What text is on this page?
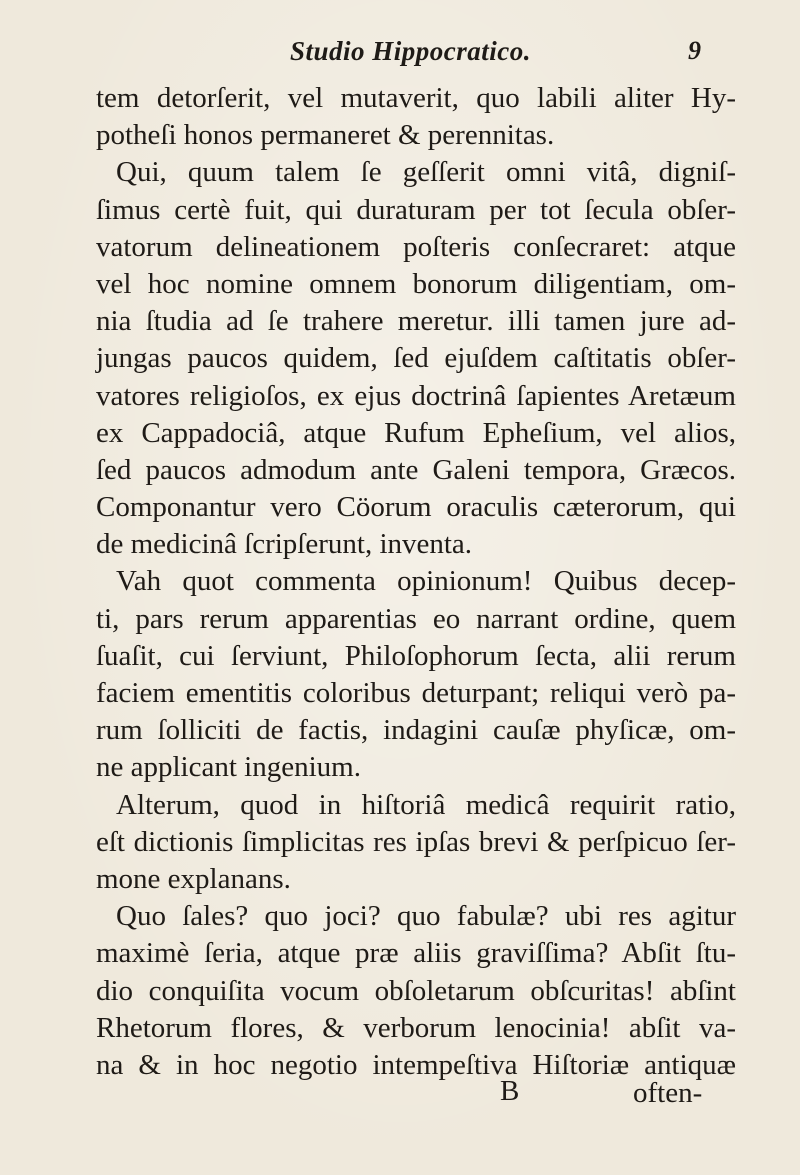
Studio Hippocratico.	9
tem detorſerit, vel mutaverit, quo labili aliter Hy-
potheſi honos permaneret & perennitas.
Qui, quum talem ſe geſſerit omni vitâ, digniſ-
ſimus certè fuit, qui duraturam per tot ſecula obſer-
vatorum delineationem poſteris conſecraret: atque
vel hoc nomine omnem bonorum diligentiam, om-
nia ſtudia ad ſe trahere meretur. illi tamen jure ad-
jungas paucos quidem, ſed ejuſdem caſtitatis obſer-
vatores religioſos, ex ejus doctrinâ ſapientes Aretæum
ex Cappadociâ, atque Rufum Epheſium, vel alios,
ſed paucos admodum ante Galeni tempora, Græcos.
Componantur vero Cöorum oraculis cæterorum, qui
de medicinâ ſcripſerunt, inventa.
Vah quot commenta opinionum! Quibus decep-
ti, pars rerum apparentias eo narrant ordine, quem
ſuaſit, cui ſerviunt, Philoſophorum ſecta, alii rerum
faciem ementitis coloribus deturpant; reliqui verò pa-
rum ſolliciti de factis, indagini cauſæ phyſicæ, om-
ne applicant ingenium.
Alterum, quod in hiſtoriâ medicâ requirit ratio,
eſt dictionis ſimplicitas res ipſas brevi & perſpicuo ſer-
mone explanans.
Quo ſales? quo joci? quo fabulæ? ubi res agitur
maximè ſeria, atque præ aliis graviſſima? Abſit ſtu-
dio conquiſita vocum obſoletarum obſcuritas! abſint
Rhetorum flores, & verborum lenocinia! abſit va-
na & in hoc negotio intempeſtiva Hiſtoriæ antiquæ
B	often-
